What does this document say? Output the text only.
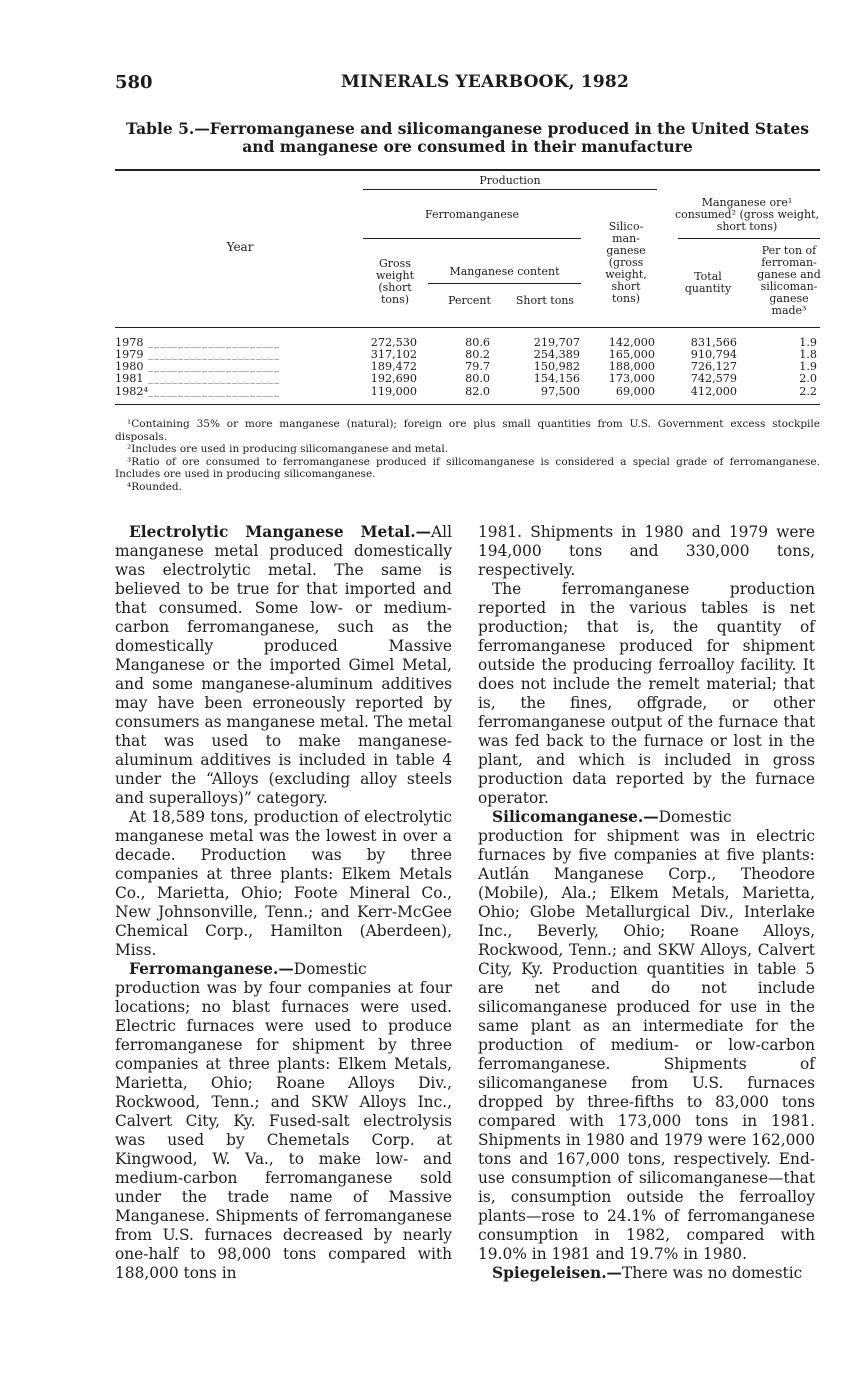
580	MINERALS YEARBOOK, 1982
Table 5.—Ferromanganese and silicomanganese produced in the United States and manganese ore consumed in their manufacture
Year
Production
Ferromanganese
Gross weight (short tons)
Manganese content
Percent	Short tons
Silico- man- ganese (gross weight, short tons)
Manganese ore¹ consumed² (gross weight, short tons)
Total quantity
Per ton of ferroman- ganese and silicoman- ganese made³
1978 ______________________	272,530	80.6	219,707	142,000	831,566	1.9
1979 ______________________	317,102	80.2	254,389	165,000	910,794	1.8
1980 ______________________	189,472	79.7	150,982	188,000	726,127	1.9
1981 ______________________	192,690	80.0	154,156	173,000	742,579	2.0
1982⁴ ______________________	119,000	82.0	97,500	69,000	412,000	2.2

¹Containing 35% or more manganese (natural); foreign ore plus small quantities from U.S. Government excess stockpile disposals.

²Includes ore used in producing silicomanganese and metal.

³Ratio of ore consumed to ferromanganese produced if silicomanganese is considered a special grade of ferromanganese. Includes ore used in producing silicomanganese.

⁴Rounded.

Electrolytic Manganese Metal.—All manganese metal produced domestically was electrolytic metal. The same is believed to be true for that imported and that consumed. Some low- or medium-carbon ferromanganese, such as the domestically produced Massive Manganese or the imported Gimel Metal, and some manganese-aluminum additives may have been erroneously reported by consumers as manganese metal. The metal that was used to make manganese-aluminum additives is included in table 4 under the “Alloys (excluding alloy steels and superalloys)” category.

At 18,589 tons, production of electrolytic manganese metal was the lowest in over a decade. Production was by three companies at three plants: Elkem Metals Co., Marietta, Ohio; Foote Mineral Co., New Johnsonville, Tenn.; and Kerr-McGee Chemical Corp., Hamilton (Aberdeen), Miss.

Ferromanganese.—Domestic production was by four companies at four locations; no blast furnaces were used. Electric furnaces were used to produce ferromanganese for shipment by three companies at three plants: Elkem Metals, Marietta, Ohio; Roane Alloys Div., Rockwood, Tenn.; and SKW Alloys Inc., Calvert City, Ky. Fused-salt electrolysis was used by Chemetals Corp. at Kingwood, W. Va., to make low- and medium-carbon ferromanganese sold under the trade name of Massive Manganese. Shipments of ferromanganese from U.S. furnaces decreased by nearly one-half to 98,000 tons compared with 188,000 tons in

1981. Shipments in 1980 and 1979 were 194,000 tons and 330,000 tons, respectively.

The ferromanganese production reported in the various tables is net production; that is, the quantity of ferromanganese produced for shipment outside the producing ferroalloy facility. It does not include the remelt material; that is, the fines, offgrade, or other ferromanganese output of the furnace that was fed back to the furnace or lost in the plant, and which is included in gross production data reported by the furnace operator.

Silicomanganese.—Domestic production for shipment was in electric furnaces by five companies at five plants: Autlán Manganese Corp., Theodore (Mobile), Ala.; Elkem Metals, Marietta, Ohio; Globe Metallurgical Div., Interlake Inc., Beverly, Ohio; Roane Alloys, Rockwood, Tenn.; and SKW Alloys, Calvert City, Ky. Production quantities in table 5 are net and do not include silicomanganese produced for use in the same plant as an intermediate for the production of medium- or low-carbon ferromanganese. Shipments of silicomanganese from U.S. furnaces dropped by three-fifths to 83,000 tons compared with 173,000 tons in 1981. Shipments in 1980 and 1979 were 162,000 tons and 167,000 tons, respectively. End-use consumption of silicomanganese—that is, consumption outside the ferroalloy plants—rose to 24.1% of ferromanganese consumption in 1982, compared with 19.0% in 1981 and 19.7% in 1980.

Spiegeleisen.—There was no domestic
